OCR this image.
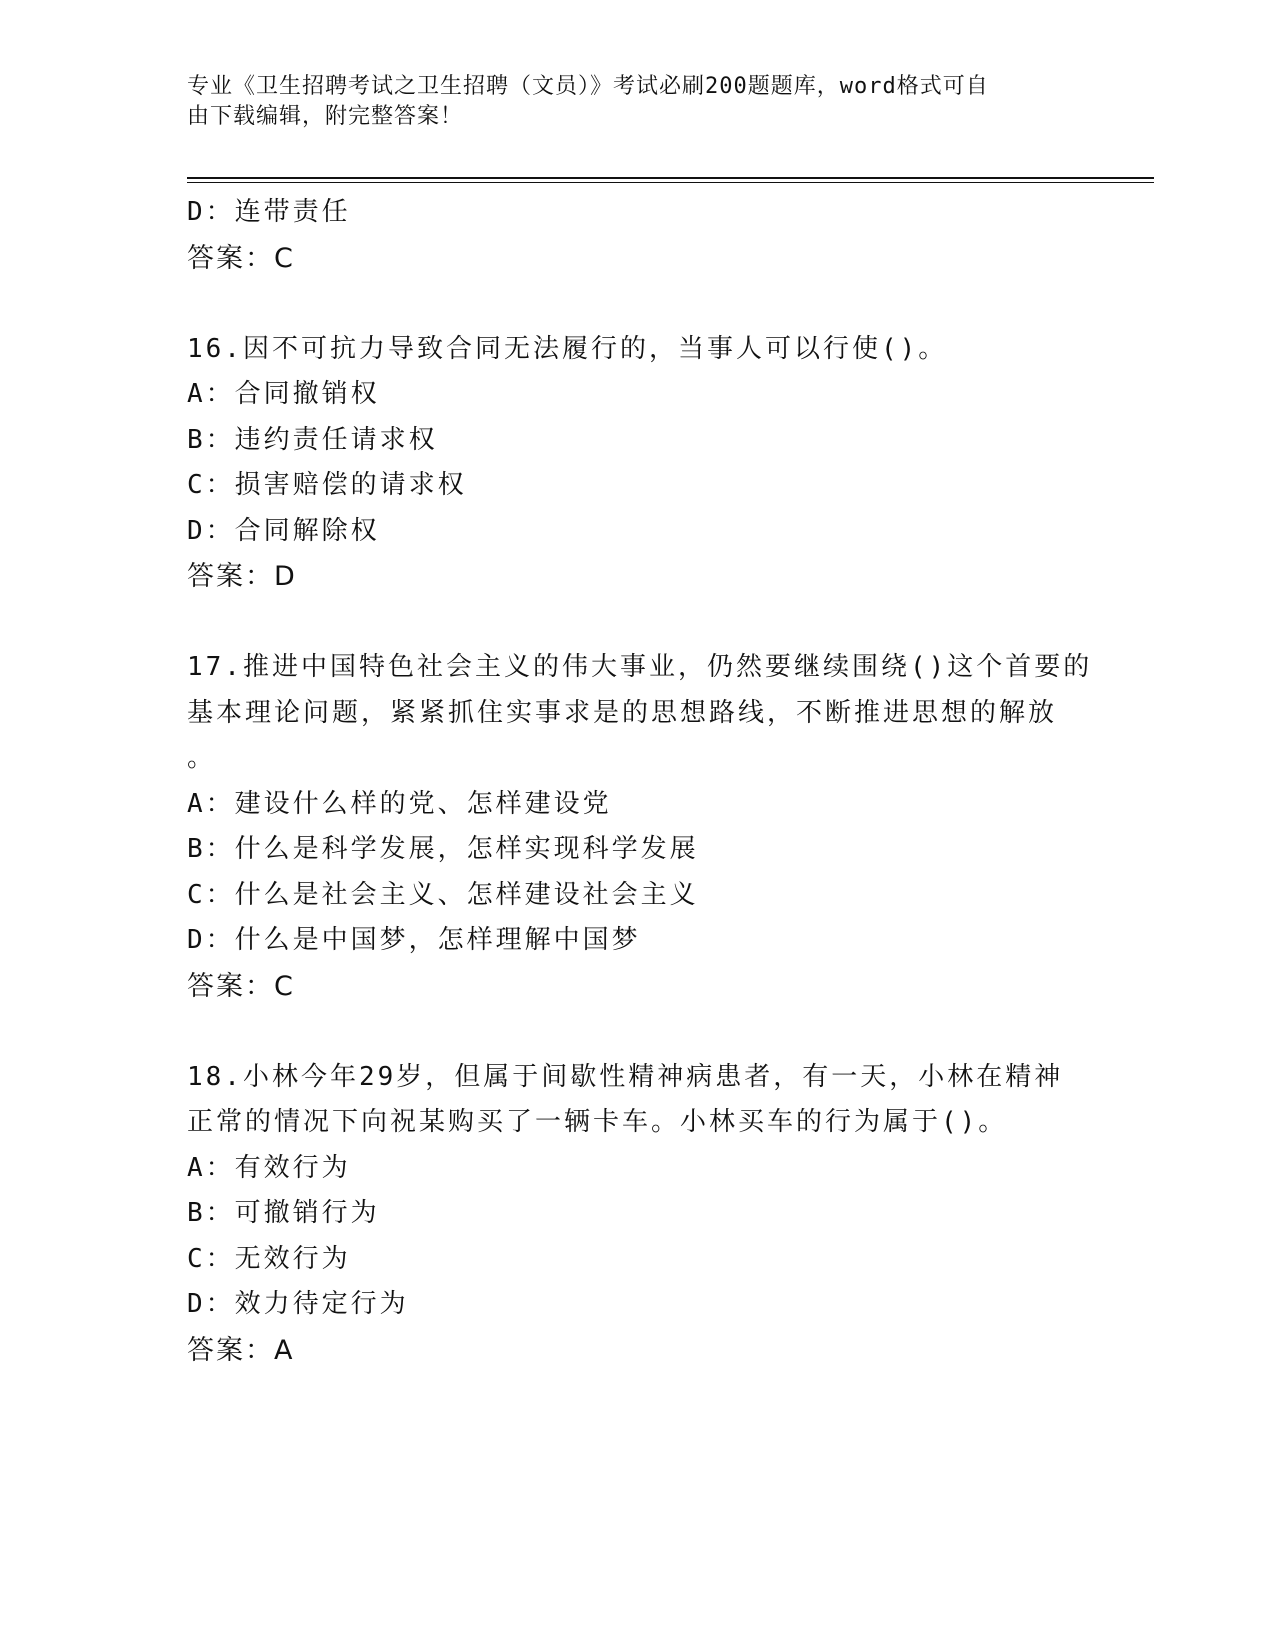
专业《卫生招聘考试之卫生招聘（文员）》考试必刷200题题库，word格式可自
由下载编辑，附完整答案！
D：连带责任
答案：C
16.因不可抗力导致合同无法履行的，当事人可以行使()。
A：合同撤销权
B：违约责任请求权
C：损害赔偿的请求权
D：合同解除权
答案：D
17.推进中国特色社会主义的伟大事业，仍然要继续围绕()这个首要的
基本理论问题，紧紧抓住实事求是的思想路线，不断推进思想的解放
。
A：建设什么样的党、怎样建设党
B：什么是科学发展，怎样实现科学发展
C：什么是社会主义、怎样建设社会主义
D：什么是中国梦，怎样理解中国梦
答案：C
18.小林今年29岁，但属于间歇性精神病患者，有一天，小林在精神
正常的情况下向祝某购买了一辆卡车。小林买车的行为属于()。
A：有效行为
B：可撤销行为
C：无效行为
D：效力待定行为
答案：A
